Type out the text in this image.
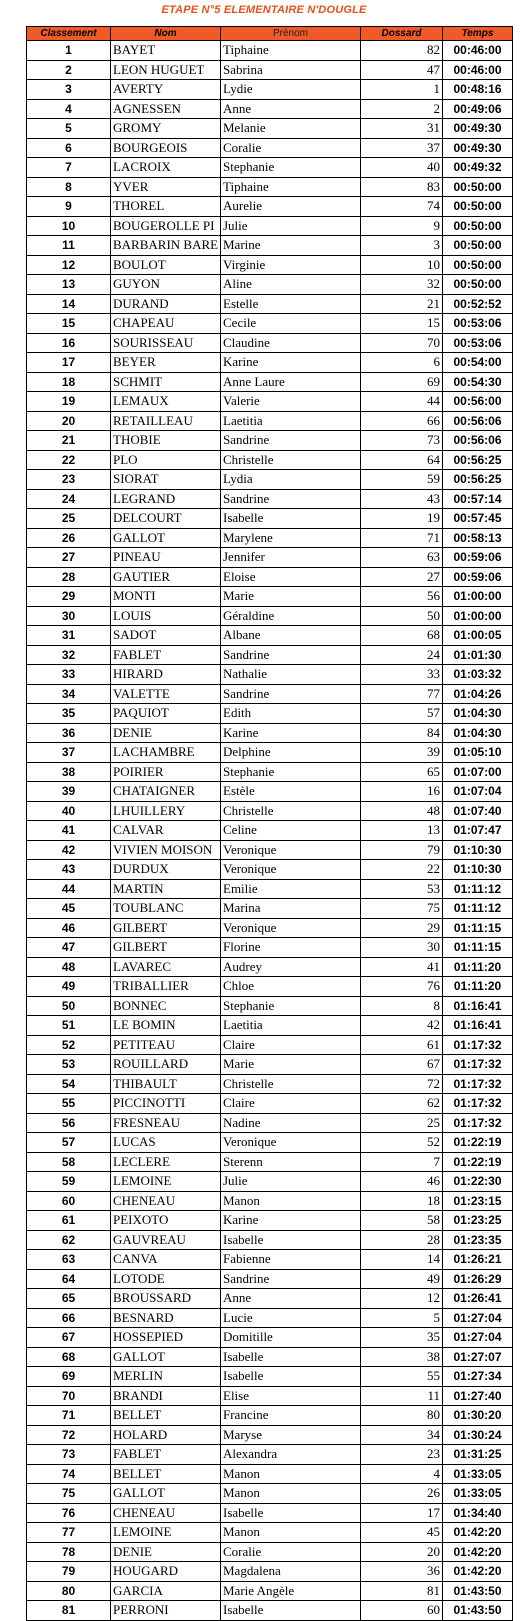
ETAPE N°5 ELEMENTAIRE N'DOUGLE
Classement	Nom	Prénom	Dossard	Temps
1	BAYET	Tiphaine	82	00:46:00
2	LEON HUGUET	Sabrina	47	00:46:00
3	AVERTY	Lydie	1	00:48:16
4	AGNESSEN	Anne	2	00:49:06
5	GROMY	Melanie	31	00:49:30
6	BOURGEOIS	Coralie	37	00:49:30
7	LACROIX	Stephanie	40	00:49:32
8	YVER	Tiphaine	83	00:50:00
9	THOREL	Aurelie	74	00:50:00
10	BOUGEROLLE PI	Julie	9	00:50:00
11	BARBARIN BARE	Marine	3	00:50:00
12	BOULOT	Virginie	10	00:50:00
13	GUYON	Aline	32	00:50:00
14	DURAND	Estelle	21	00:52:52
15	CHAPEAU	Cecile	15	00:53:06
16	SOURISSEAU	Claudine	70	00:53:06
17	BEYER	Karine	6	00:54:00
18	SCHMIT	Anne Laure	69	00:54:30
19	LEMAUX	Valerie	44	00:56:00
20	RETAILLEAU	Laetitia	66	00:56:06
21	THOBIE	Sandrine	73	00:56:06
22	PLO	Christelle	64	00:56:25
23	SIORAT	Lydia	59	00:56:25
24	LEGRAND	Sandrine	43	00:57:14
25	DELCOURT	Isabelle	19	00:57:45
26	GALLOT	Marylene	71	00:58:13
27	PINEAU	Jennifer	63	00:59:06
28	GAUTIER	Eloise	27	00:59:06
29	MONTI	Marie	56	01:00:00
30	LOUIS	Géraldine	50	01:00:00
31	SADOT	Albane	68	01:00:05
32	FABLET	Sandrine	24	01:01:30
33	HIRARD	Nathalie	33	01:03:32
34	VALETTE	Sandrine	77	01:04:26
35	PAQUIOT	Edith	57	01:04:30
36	DENIE	Karine	84	01:04:30
37	LACHAMBRE	Delphine	39	01:05:10
38	POIRIER	Stephanie	65	01:07:00
39	CHATAIGNER	Estèle	16	01:07:04
40	LHUILLERY	Christelle	48	01:07:40
41	CALVAR	Celine	13	01:07:47
42	VIVIEN MOISON	Veronique	79	01:10:30
43	DURDUX	Veronique	22	01:10:30
44	MARTIN	Emilie	53	01:11:12
45	TOUBLANC	Marina	75	01:11:12
46	GILBERT	Veronique	29	01:11:15
47	GILBERT	Florine	30	01:11:15
48	LAVAREC	Audrey	41	01:11:20
49	TRIBALLIER	Chloe	76	01:11:20
50	BONNEC	Stephanie	8	01:16:41
51	LE BOMIN	Laetitia	42	01:16:41
52	PETITEAU	Claire	61	01:17:32
53	ROUILLARD	Marie	67	01:17:32
54	THIBAULT	Christelle	72	01:17:32
55	PICCINOTTI	Claire	62	01:17:32
56	FRESNEAU	Nadine	25	01:17:32
57	LUCAS	Veronique	52	01:22:19
58	LECLERE	Sterenn	7	01:22:19
59	LEMOINE	Julie	46	01:22:30
60	CHENEAU	Manon	18	01:23:15
61	PEIXOTO	Karine	58	01:23:25
62	GAUVREAU	Isabelle	28	01:23:35
63	CANVA	Fabienne	14	01:26:21
64	LOTODE	Sandrine	49	01:26:29
65	BROUSSARD	Anne	12	01:26:41
66	BESNARD	Lucie	5	01:27:04
67	HOSSEPIED	Domitille	35	01:27:04
68	GALLOT	Isabelle	38	01:27:07
69	MERLIN	Isabelle	55	01:27:34
70	BRANDI	Elise	11	01:27:40
71	BELLET	Francine	80	01:30:20
72	HOLARD	Maryse	34	01:30:24
73	FABLET	Alexandra	23	01:31:25
74	BELLET	Manon	4	01:33:05
75	GALLOT	Manon	26	01:33:05
76	CHENEAU	Isabelle	17	01:34:40
77	LEMOINE	Manon	45	01:42:20
78	DENIE	Coralie	20	01:42:20
79	HOUGARD	Magdalena	36	01:42:20
80	GARCIA	Marie Angèle	81	01:43:50
81	PERRONI	Isabelle	60	01:43:50
